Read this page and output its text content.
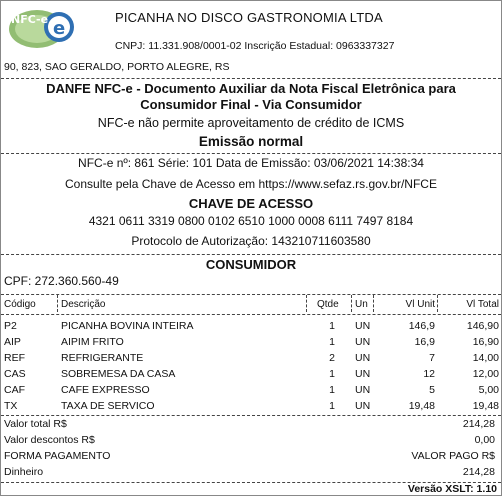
e
NFC-e	PICANHA NO DISCO GASTRONOMIA LTDA
CNPJ: 11.331.908/0001-02 Inscrição Estadual: 0963337327
90, 823, SAO GERALDO, PORTO ALEGRE, RS
DANFE NFC-e - Documento Auxiliar da Nota Fiscal Eletrônica para
Consumidor Final - Via Consumidor
NFC-e não permite aproveitamento de crédito de ICMS
Emissão normal
NFC-e nº: 861 Série: 101 Data de Emissão: 03/06/2021 14:38:34
Consulte pela Chave de Acesso em https://www.sefaz.rs.gov.br/NFCE
CHAVE DE ACESSO
4321 0611 3319 0800 0102 6510 1000 0008 6111 7497 8184
Protocolo de Autorização: 143210711603580
CONSUMIDOR
CPF: 272.360.560-49
Código	Descrição	Qtde Un	Vl Unit	Vl Total
P2	PICANHA BOVINA INTEIRA	1 UN	146,9	146,90
AIP	AIPIM FRITO	1 UN	16,9	16,90
REF	REFRIGERANTE	2 UN	7	14,00
CAS	SOBREMESA DA CASA	1 UN	12	12,00
CAF	CAFE EXPRESSO	1 UN	5	5,00
TX	TAXA DE SERVICO	1 UN	19,48	19,48
Valor total R$	214,28
Valor descontos R$	0,00
FORMA PAGAMENTO	VALOR PAGO R$
Dinheiro	214,28
Versão XSLT: 1.10
